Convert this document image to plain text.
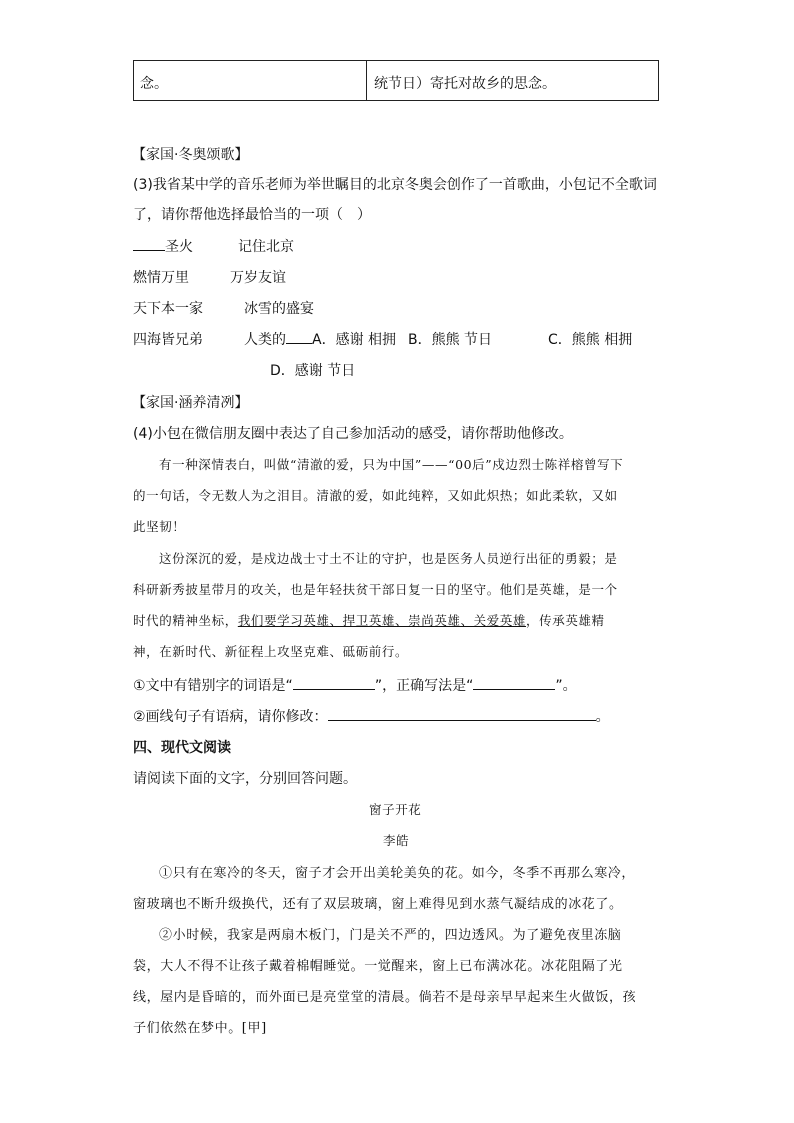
念。	统节日）寄托对故乡的思念。
【家国·冬奥颂歌】
(3)我省某中学的音乐老师为举世瞩目的北京冬奥会创作了一首歌曲，小包记不全歌词
了，请你帮他选择最恰当的一项（　）
圣火	记住北京
燃情万里	万岁友谊
天下本一家	冰雪的盛宴
四海皆兄弟	人类的 A．感谢 相拥 B．熊熊 节日	C．熊熊 相拥
D．感谢 节日
【家国·涵养清冽】
(4)小包在微信朋友圈中表达了自己参加活动的感受，请你帮助他修改。
有一种深情表白，叫做“清澈的爱，只为中国”——“00后”戍边烈士陈祥榕曾写下
的一句话，令无数人为之泪目。清澈的爱，如此纯粹，又如此炽热；如此柔软，又如
此坚韧！
这份深沉的爱，是戍边战士寸土不让的守护，也是医务人员逆行出征的勇毅；是
科研新秀披星带月的攻关，也是年轻扶贫干部日复一日的坚守。他们是英雄，是一个
时代的精神坐标，我们要学习英雄、捍卫英雄、崇尚英雄、关爱英雄，传承英雄精
神，在新时代、新征程上攻坚克难、砥砺前行。
①文中有错别字的词语是“	”，正确写法是“	”。
②画线句子有语病，请你修改：	。
四、现代文阅读
请阅读下面的文字，分别回答问题。
窗子开花
李皓
①只有在寒冷的冬天，窗子才会开出美轮美奂的花。如今，冬季不再那么寒冷，
窗玻璃也不断升级换代，还有了双层玻璃，窗上难得见到水蒸气凝结成的冰花了。
②小时候，我家是两扇木板门，门是关不严的，四边透风。为了避免夜里冻脑
袋，大人不得不让孩子戴着棉帽睡觉。一觉醒来，窗上已布满冰花。冰花阻隔了光
线，屋内是昏暗的，而外面已是亮堂堂的清晨。倘若不是母亲早早起来生火做饭，孩
子们依然在梦中。[甲]
